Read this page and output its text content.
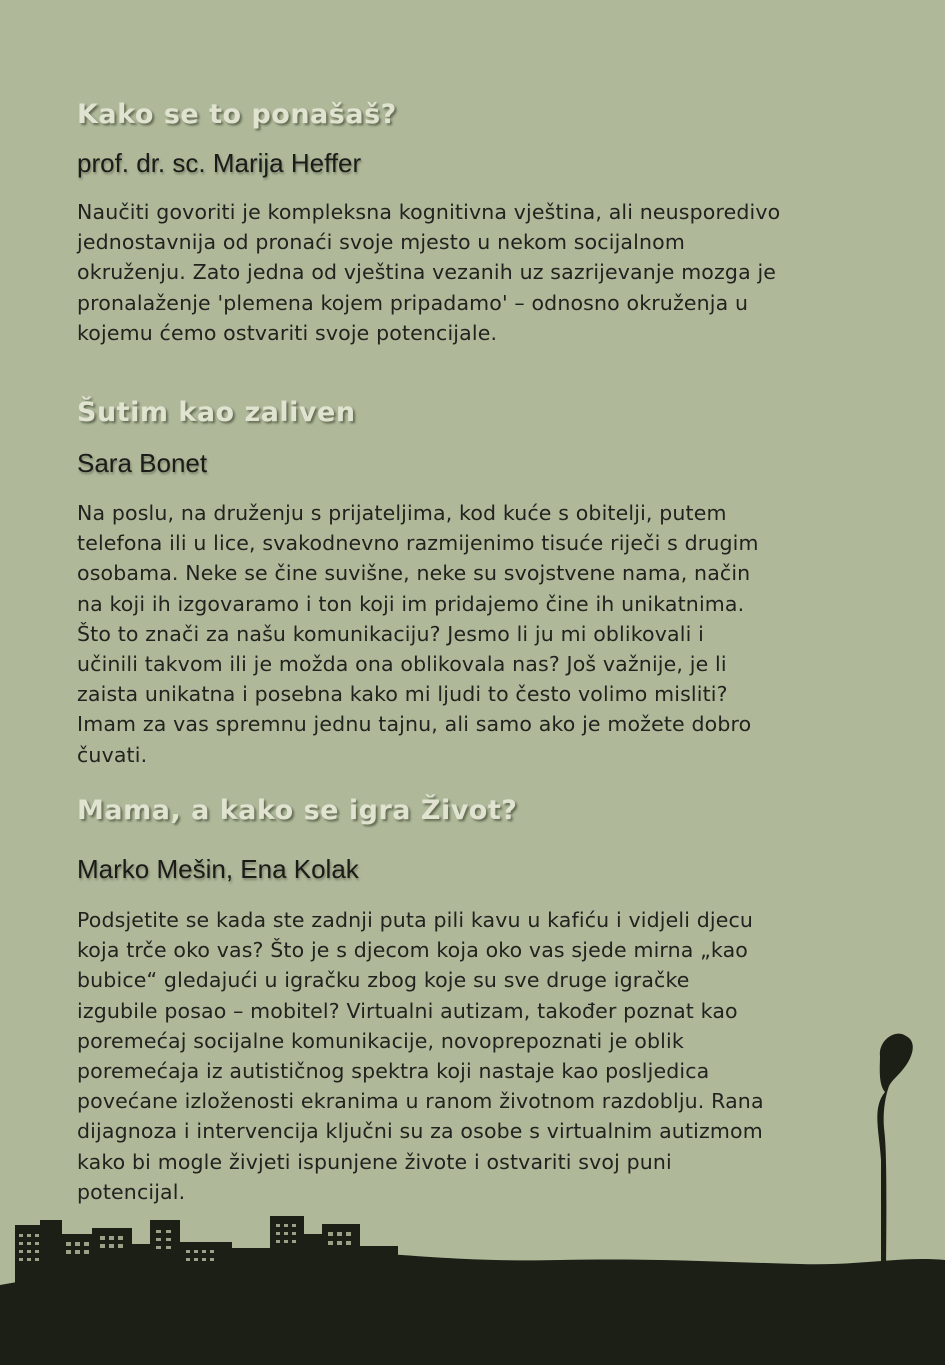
Kako se to ponašaš?
prof. dr. sc. Marija Heffer

Naučiti govoriti je kompleksna kognitivna vještina, ali neusporedivo
jednostavnija od pronaći svoje mjesto u nekom socijalnom
okruženju. Zato jedna od vještina vezanih uz sazrijevanje mozga je
pronalaženje 'plemena kojem pripadamo' – odnosno okruženja u
kojemu ćemo ostvariti svoje potencijale.

Šutim kao zaliven
Sara Bonet

Na poslu, na druženju s prijateljima, kod kuće s obitelji, putem
telefona ili u lice, svakodnevno razmijenimo tisuće riječi s drugim
osobama. Neke se čine suvišne, neke su svojstvene nama, način
na koji ih izgovaramo i ton koji im pridajemo čine ih unikatnima.
Što to znači za našu komunikaciju? Jesmo li ju mi oblikovali i
učinili takvom ili je možda ona oblikovala nas? Još važnije, je li
zaista unikatna i posebna kako mi ljudi to često volimo misliti?
Imam za vas spremnu jednu tajnu, ali samo ako je možete dobro
čuvati.

Mama, a kako se igra Život?
Marko Mešin, Ena Kolak

Podsjetite se kada ste zadnji puta pili kavu u kafiću i vidjeli djecu
koja trče oko vas? Što je s djecom koja oko vas sjede mirna „kao
bubice“ gledajući u igračku zbog koje su sve druge igračke
izgubile posao – mobitel? Virtualni autizam, također poznat kao
poremećaj socijalne komunikacije, novoprepoznati je oblik
poremećaja iz autističnog spektra koji nastaje kao posljedica
povećane izloženosti ekranima u ranom životnom razdoblju. Rana
dijagnoza i intervencija ključni su za osobe s virtualnim autizmom
kako bi mogle živjeti ispunjene živote i ostvariti svoj puni
potencijal.
